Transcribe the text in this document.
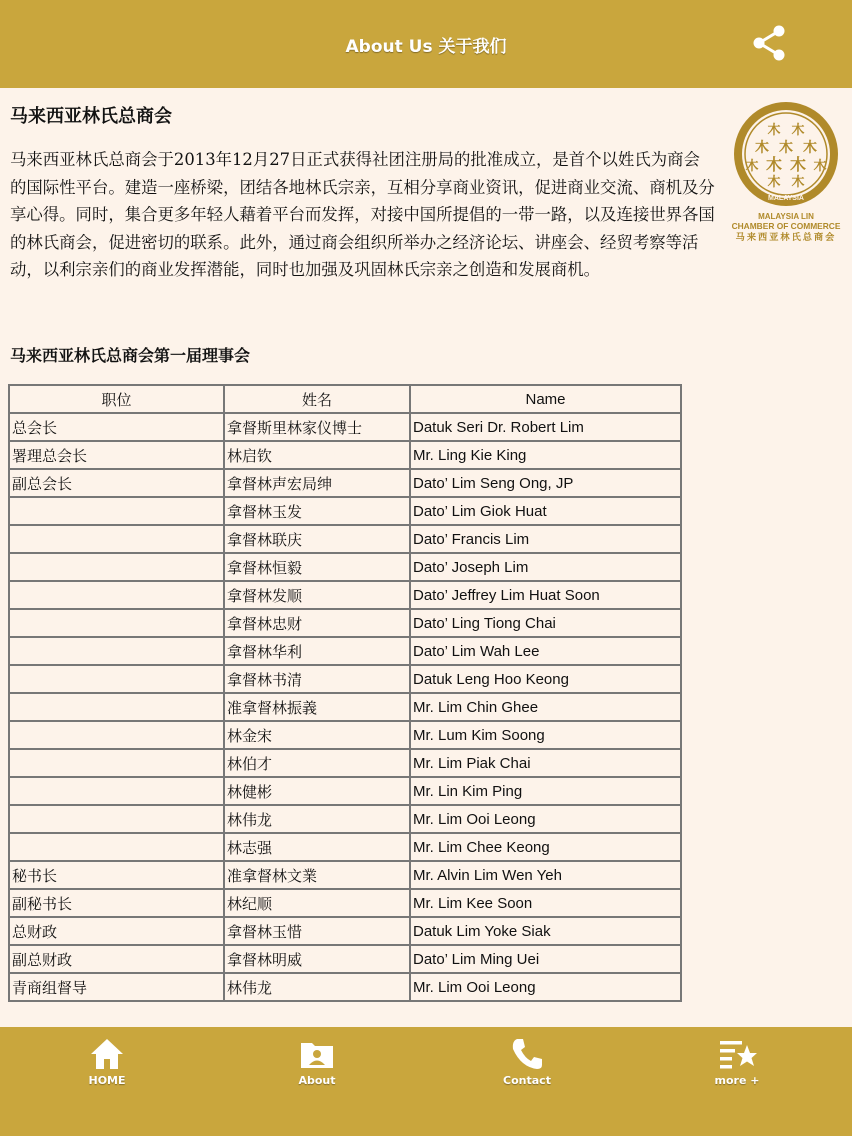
About Us 关于我们
马来西亚林氏总商会

马来西亚林氏总商会于2013年12月27日正式获得社团注册局的批准成立，是首个以姓氏为商会的国际性平台。建造一座桥梁，团结各地林氏宗亲，互相分享商业资讯，促进商业交流、商机及分享心得。同时，集合更多年轻人藉着平台而发挥，对接中国所提倡的一带一路，以及连接世界各国的林氏商会，促进密切的联系。此外，通过商会组织所举办之经济论坛、讲座会、经贸考察等活动，以利宗亲们的商业发挥潜能，同时也加强及巩固林氏宗亲之创造和发展商机。

木 木
木 木 木
木 木 木 木
木 木
MALAYSIA
MALAYSIA LIN
CHAMBER OF COMMERCE
马来西亚林氏总商会
马来西亚林氏总商会第一届理事会
职位	姓名	Name
总会长	拿督斯里林家仪博士	Datuk Seri Dr. Robert Lim
署理总会长	林启钦	Mr. Ling Kie King
副总会长	拿督林声宏局绅	Dato’ Lim Seng Ong, JP
	拿督林玉发	Dato’ Lim Giok Huat
	拿督林联庆	Dato’ Francis Lim
	拿督林恒毅	Dato’ Joseph Lim
	拿督林发顺	Dato’ Jeffrey Lim Huat Soon
	拿督林忠财	Dato’ Ling Tiong Chai
	拿督林华利	Dato’ Lim Wah Lee
	拿督林书清	Datuk Leng Hoo Keong
	准拿督林振義	Mr. Lim Chin Ghee
	林金宋	Mr. Lum Kim Soong
	林伯才	Mr. Lim Piak Chai
	林健彬	Mr. Lin Kim Ping
	林伟龙	Mr. Lim Ooi Leong
	林志强	Mr. Lim Chee Keong
秘书长	准拿督林文業	Mr. Alvin Lim Wen Yeh
副秘书长	林纪顺	Mr. Lim Kee Soon
总财政	拿督林玉惜	Datuk Lim Yoke Siak
副总财政	拿督林明威	Dato’ Lim Ming Uei
青商组督导	林伟龙	Mr. Lim Ooi Leong
HOME	About	Contact	more +
